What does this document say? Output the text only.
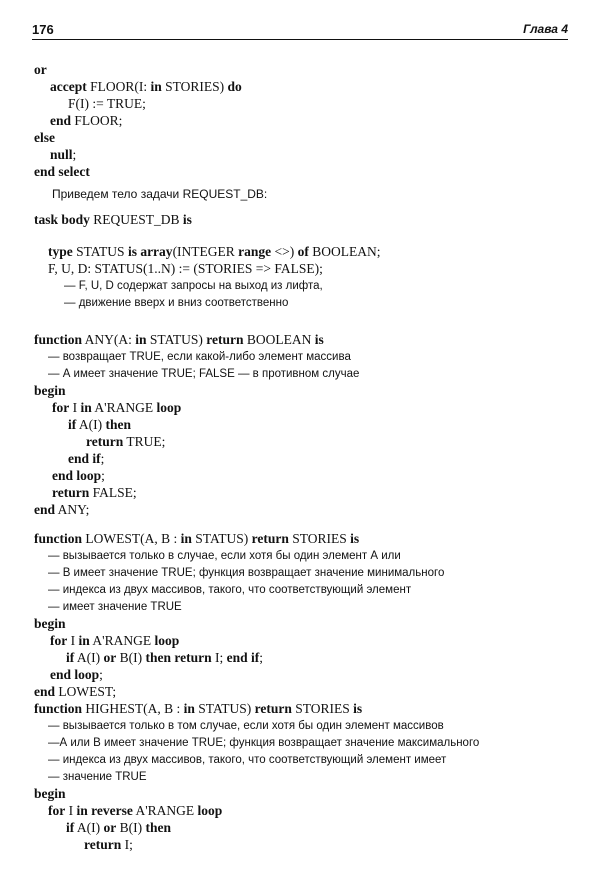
176	Глава 4
or
accept FLOOR(I: in STORIES) do
F(I) := TRUE;
end FLOOR;
else
null;
end select
Приведем тело задачи REQUEST_DB:
task body REQUEST_DB is
type STATUS is array(INTEGER range <>) of BOOLEAN;
F, U, D: STATUS(1..N) := (STORIES => FALSE);
— F, U, D содержат запросы на выход из лифта,
— движение вверх и вниз соответственно
function ANY(A: in STATUS) return BOOLEAN is
— возвращает TRUE, если какой-либо элемент массива
— А имеет значение TRUE; FALSE — в противном случае
begin
for I in A'RANGE loop
if A(I) then
return TRUE;
end if;
end loop;
return FALSE;
end ANY;
function LOWEST(A, B : in STATUS) return STORIES is
— вызывается только в случае, если хотя бы один элемент А или
— В имеет значение TRUE; функция возвращает значение минимального
— индекса из двух массивов, такого, что соответствующий элемент
— имеет значение TRUE
begin
for I in A'RANGE loop
if A(I) or B(I) then return I; end if;
end loop;
end LOWEST;
function HIGHEST(A, B : in STATUS) return STORIES is
— вызывается только в том случае, если хотя бы один элемент массивов
—А или В имеет значение TRUE; функция возвращает значение максимального
— индекса из двух массивов, такого, что соответствующий элемент имеет
— значение TRUE
begin
for I in reverse A'RANGE loop
if A(I) or B(I) then
return I;
